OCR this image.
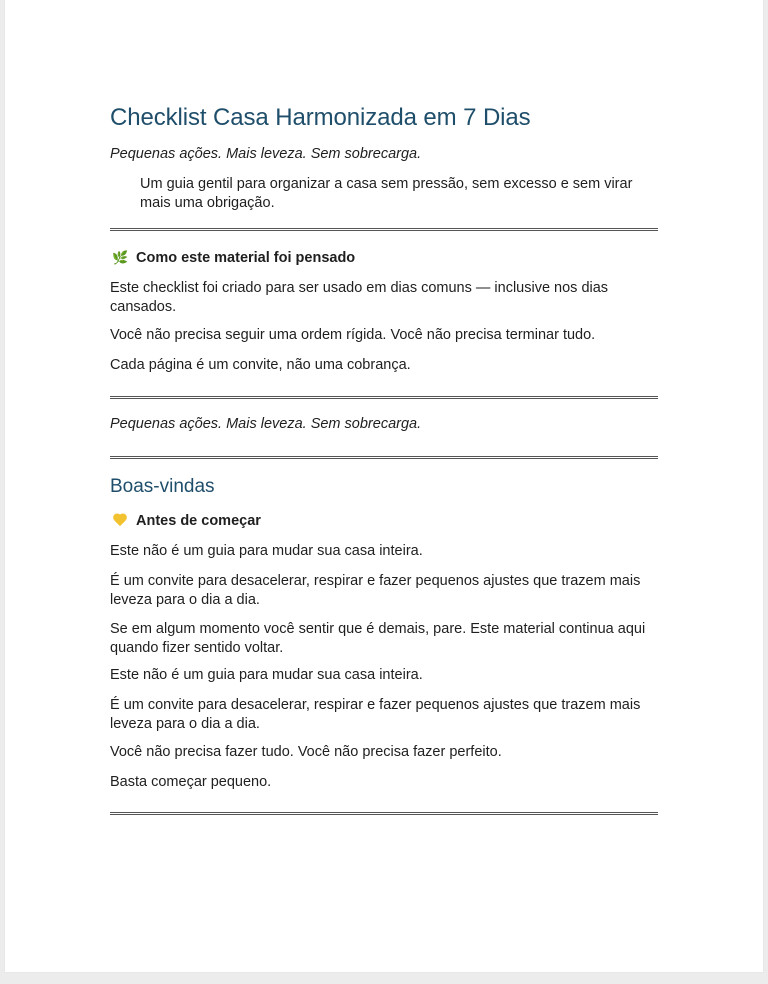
Checklist Casa Harmonizada em 7 Dias
Pequenas ações. Mais leveza. Sem sobrecarga.
Um guia gentil para organizar a casa sem pressão, sem excesso e sem virar mais uma obrigação.
🌿 Como este material foi pensado
Este checklist foi criado para ser usado em dias comuns — inclusive nos dias cansados.
Você não precisa seguir uma ordem rígida. Você não precisa terminar tudo.
Cada página é um convite, não uma cobrança.
Pequenas ações. Mais leveza. Sem sobrecarga.
Boas-vindas
Antes de começar
Este não é um guia para mudar sua casa inteira.
É um convite para desacelerar, respirar e fazer pequenos ajustes que trazem mais leveza para o dia a dia.
Se em algum momento você sentir que é demais, pare. Este material continua aqui quando fizer sentido voltar.
Este não é um guia para mudar sua casa inteira.
É um convite para desacelerar, respirar e fazer pequenos ajustes que trazem mais leveza para o dia a dia.
Você não precisa fazer tudo. Você não precisa fazer perfeito.
Basta começar pequeno.
